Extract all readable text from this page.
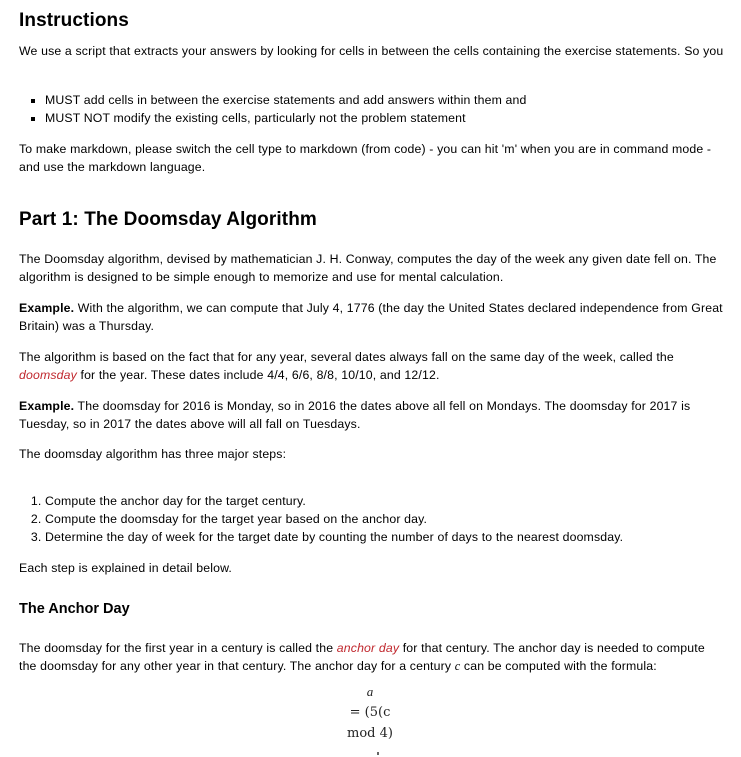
Instructions

We use a script that extracts your answers by looking for cells in between the cells containing the exercise statements. So you

▪ MUST add cells in between the exercise statements and add answers within them and
▪ MUST NOT modify the existing cells, particularly not the problem statement

To make markdown, please switch the cell type to markdown (from code) - you can hit 'm' when you are in command mode - and use the markdown language.

Part 1: The Doomsday Algorithm

The Doomsday algorithm, devised by mathematician J. H. Conway, computes the day of the week any given date fell on. The algorithm is designed to be simple enough to memorize and use for mental calculation.

Example. With the algorithm, we can compute that July 4, 1776 (the day the United States declared independence from Great Britain) was a Thursday.

The algorithm is based on the fact that for any year, several dates always fall on the same day of the week, called the doomsday for the year. These dates include 4/4, 6/6, 8/8, 10/10, and 12/12.

Example. The doomsday for 2016 is Monday, so in 2016 the dates above all fell on Mondays. The doomsday for 2017 is Tuesday, so in 2017 the dates above will all fall on Tuesdays.

The doomsday algorithm has three major steps:

1. Compute the anchor day for the target century.
2. Compute the doomsday for the target year based on the anchor day.
3. Determine the day of week for the target date by counting the number of days to the nearest doomsday.

Each step is explained in detail below.

The Anchor Day

The doomsday for the first year in a century is called the anchor day for that century. The anchor day is needed to compute the doomsday for any other year in that century. The anchor day for a century c can be computed with the formula:

a
= (5(c
mod 4)
